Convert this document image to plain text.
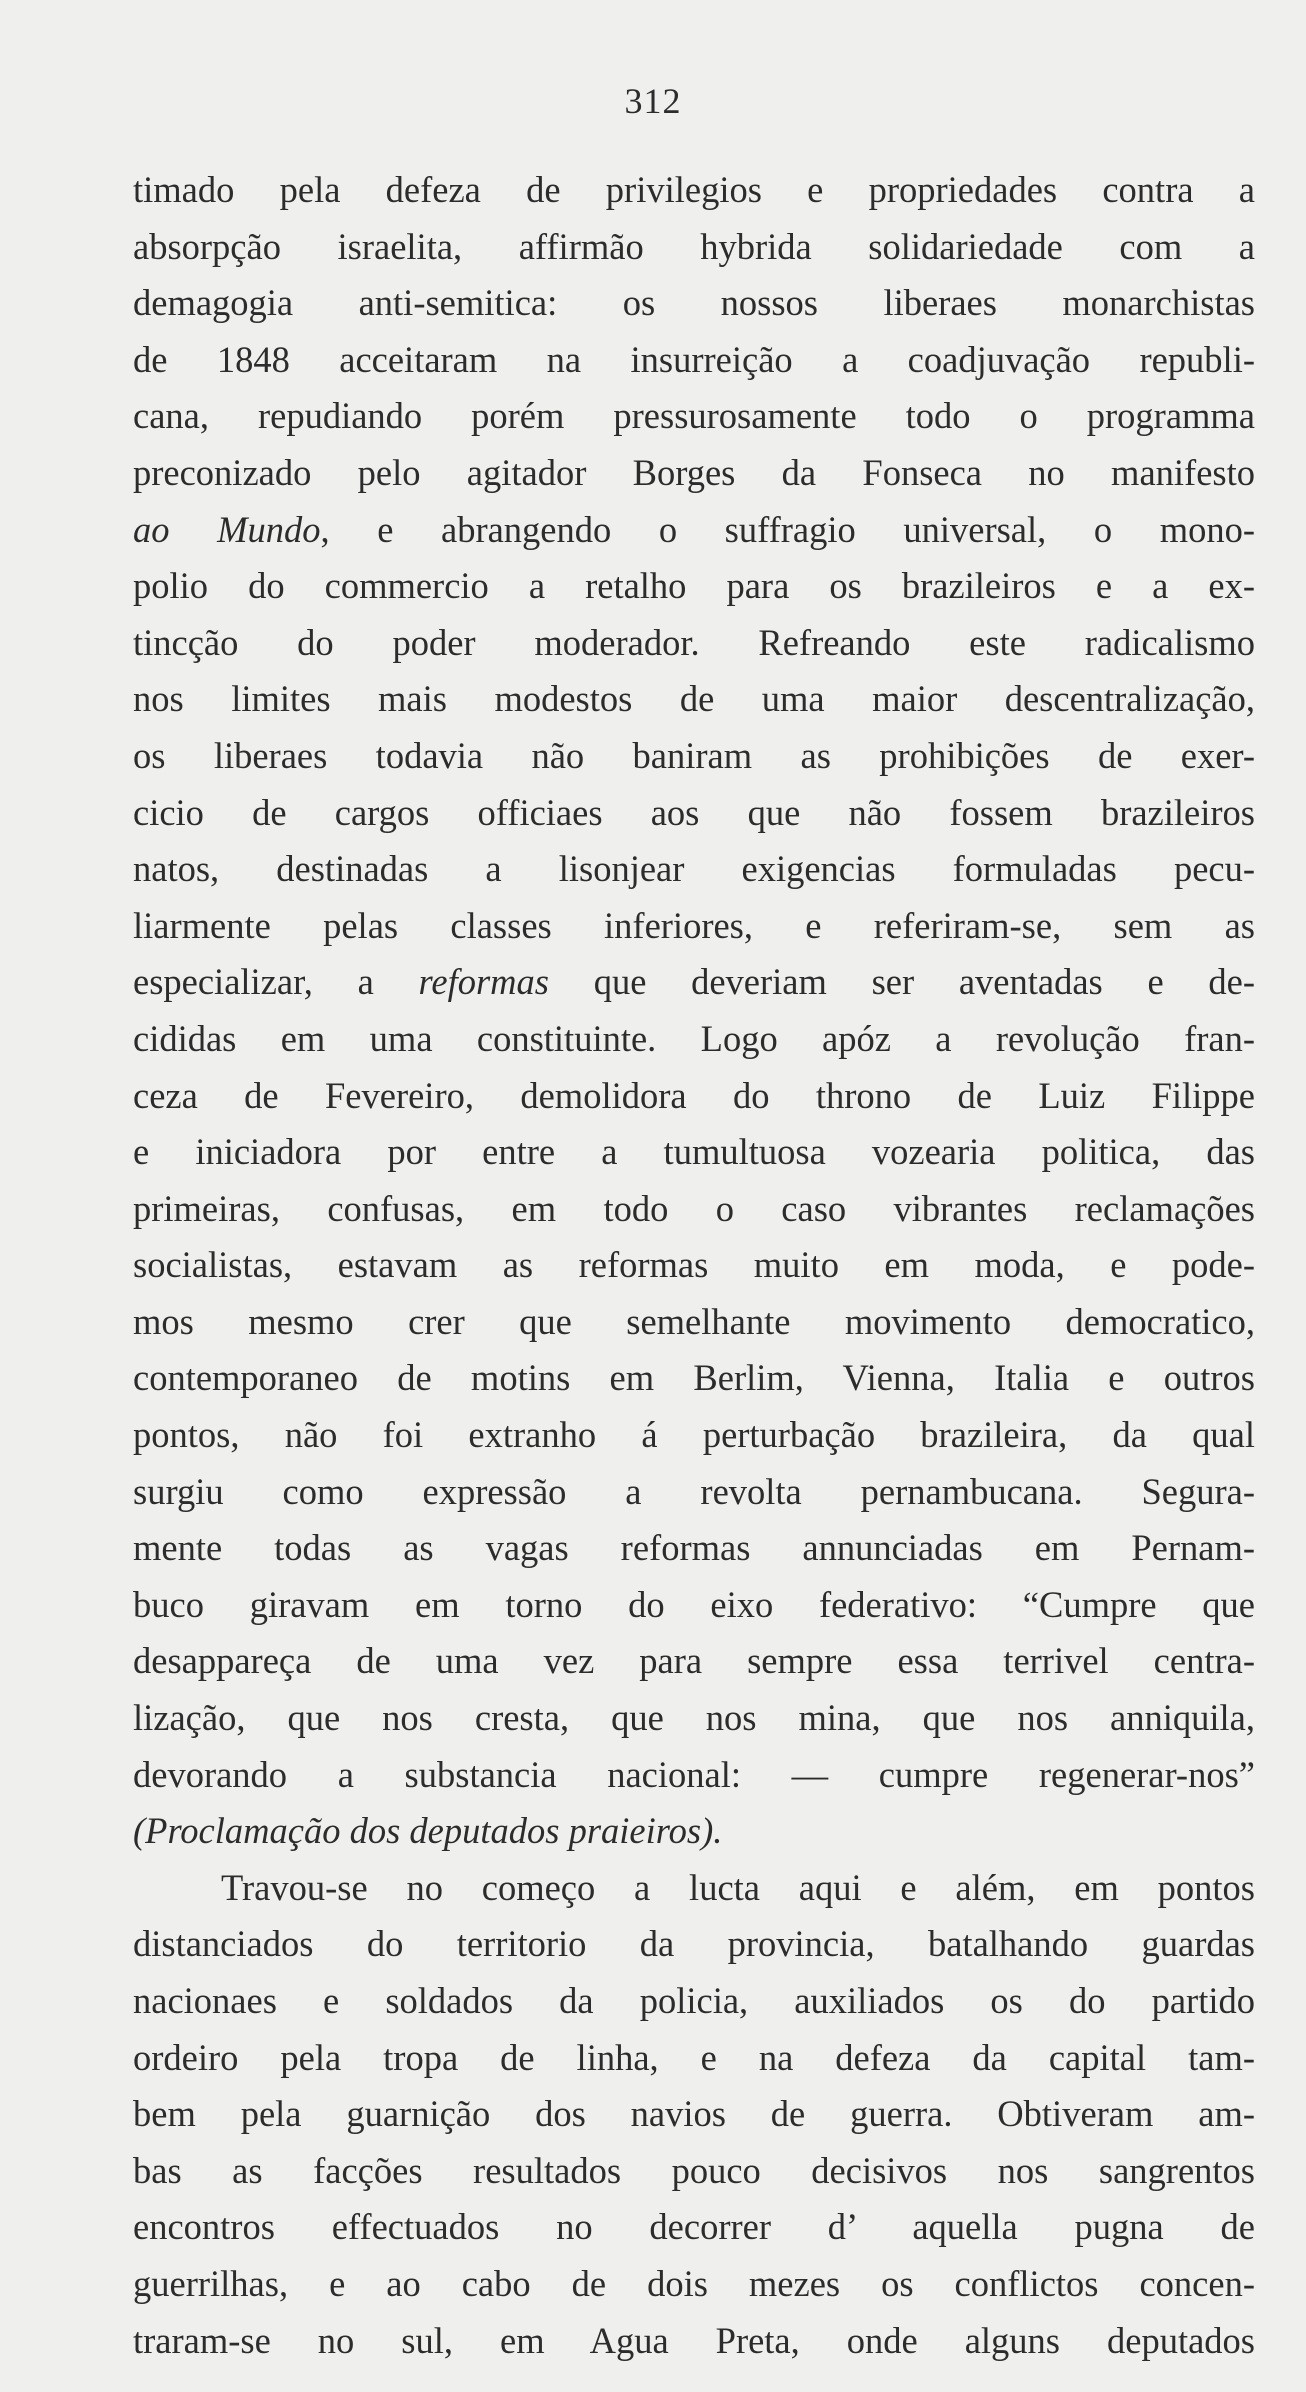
312
timado pela defeza de privilegios e propriedades contra a
absorpção israelita, affirmão hybrida solidariedade com a
demagogia anti-semitica: os nossos liberaes monarchistas
de 1848 acceitaram na insurreição a coadjuvação republi-
cana, repudiando porém pressurosamente todo o programma
preconizado pelo agitador Borges da Fonseca no manifesto
ao Mundo, e abrangendo o suffragio universal, o mono-
polio do commercio a retalho para os brazileiros e a ex-
tincção do poder moderador. Refreando este radicalismo
nos limites mais modestos de uma maior descentralização,
os liberaes todavia não baniram as prohibições de exer-
cicio de cargos officiaes aos que não fossem brazileiros
natos, destinadas a lisonjear exigencias formuladas pecu-
liarmente pelas classes inferiores, e referiram-se, sem as
especializar, a reformas que deveriam ser aventadas e de-
cididas em uma constituinte. Logo apóz a revolução fran-
ceza de Fevereiro, demolidora do throno de Luiz Filippe
e iniciadora por entre a tumultuosa vozearia politica, das
primeiras, confusas, em todo o caso vibrantes reclamações
socialistas, estavam as reformas muito em moda, e pode-
mos mesmo crer que semelhante movimento democratico,
contemporaneo de motins em Berlim, Vienna, Italia e outros
pontos, não foi extranho á perturbação brazileira, da qual
surgiu como expressão a revolta pernambucana. Segura-
mente todas as vagas reformas annunciadas em Pernam-
buco giravam em torno do eixo federativo: “Cumpre que
desappareça de uma vez para sempre essa terrivel centra-
lização, que nos cresta, que nos mina, que nos anniquila,
devorando a substancia nacional: — cumpre regenerar-nos”
(Proclamação dos deputados praieiros).
Travou-se no começo a lucta aqui e além, em pontos
distanciados do territorio da provincia, batalhando guardas
nacionaes e soldados da policia, auxiliados os do partido
ordeiro pela tropa de linha, e na defeza da capital tam-
bem pela guarnição dos navios de guerra. Obtiveram am-
bas as facções resultados pouco decisivos nos sangrentos
encontros effectuados no decorrer d’ aquella pugna de
guerrilhas, e ao cabo de dois mezes os conflictos concen-
traram-se no sul, em Agua Preta, onde alguns deputados
